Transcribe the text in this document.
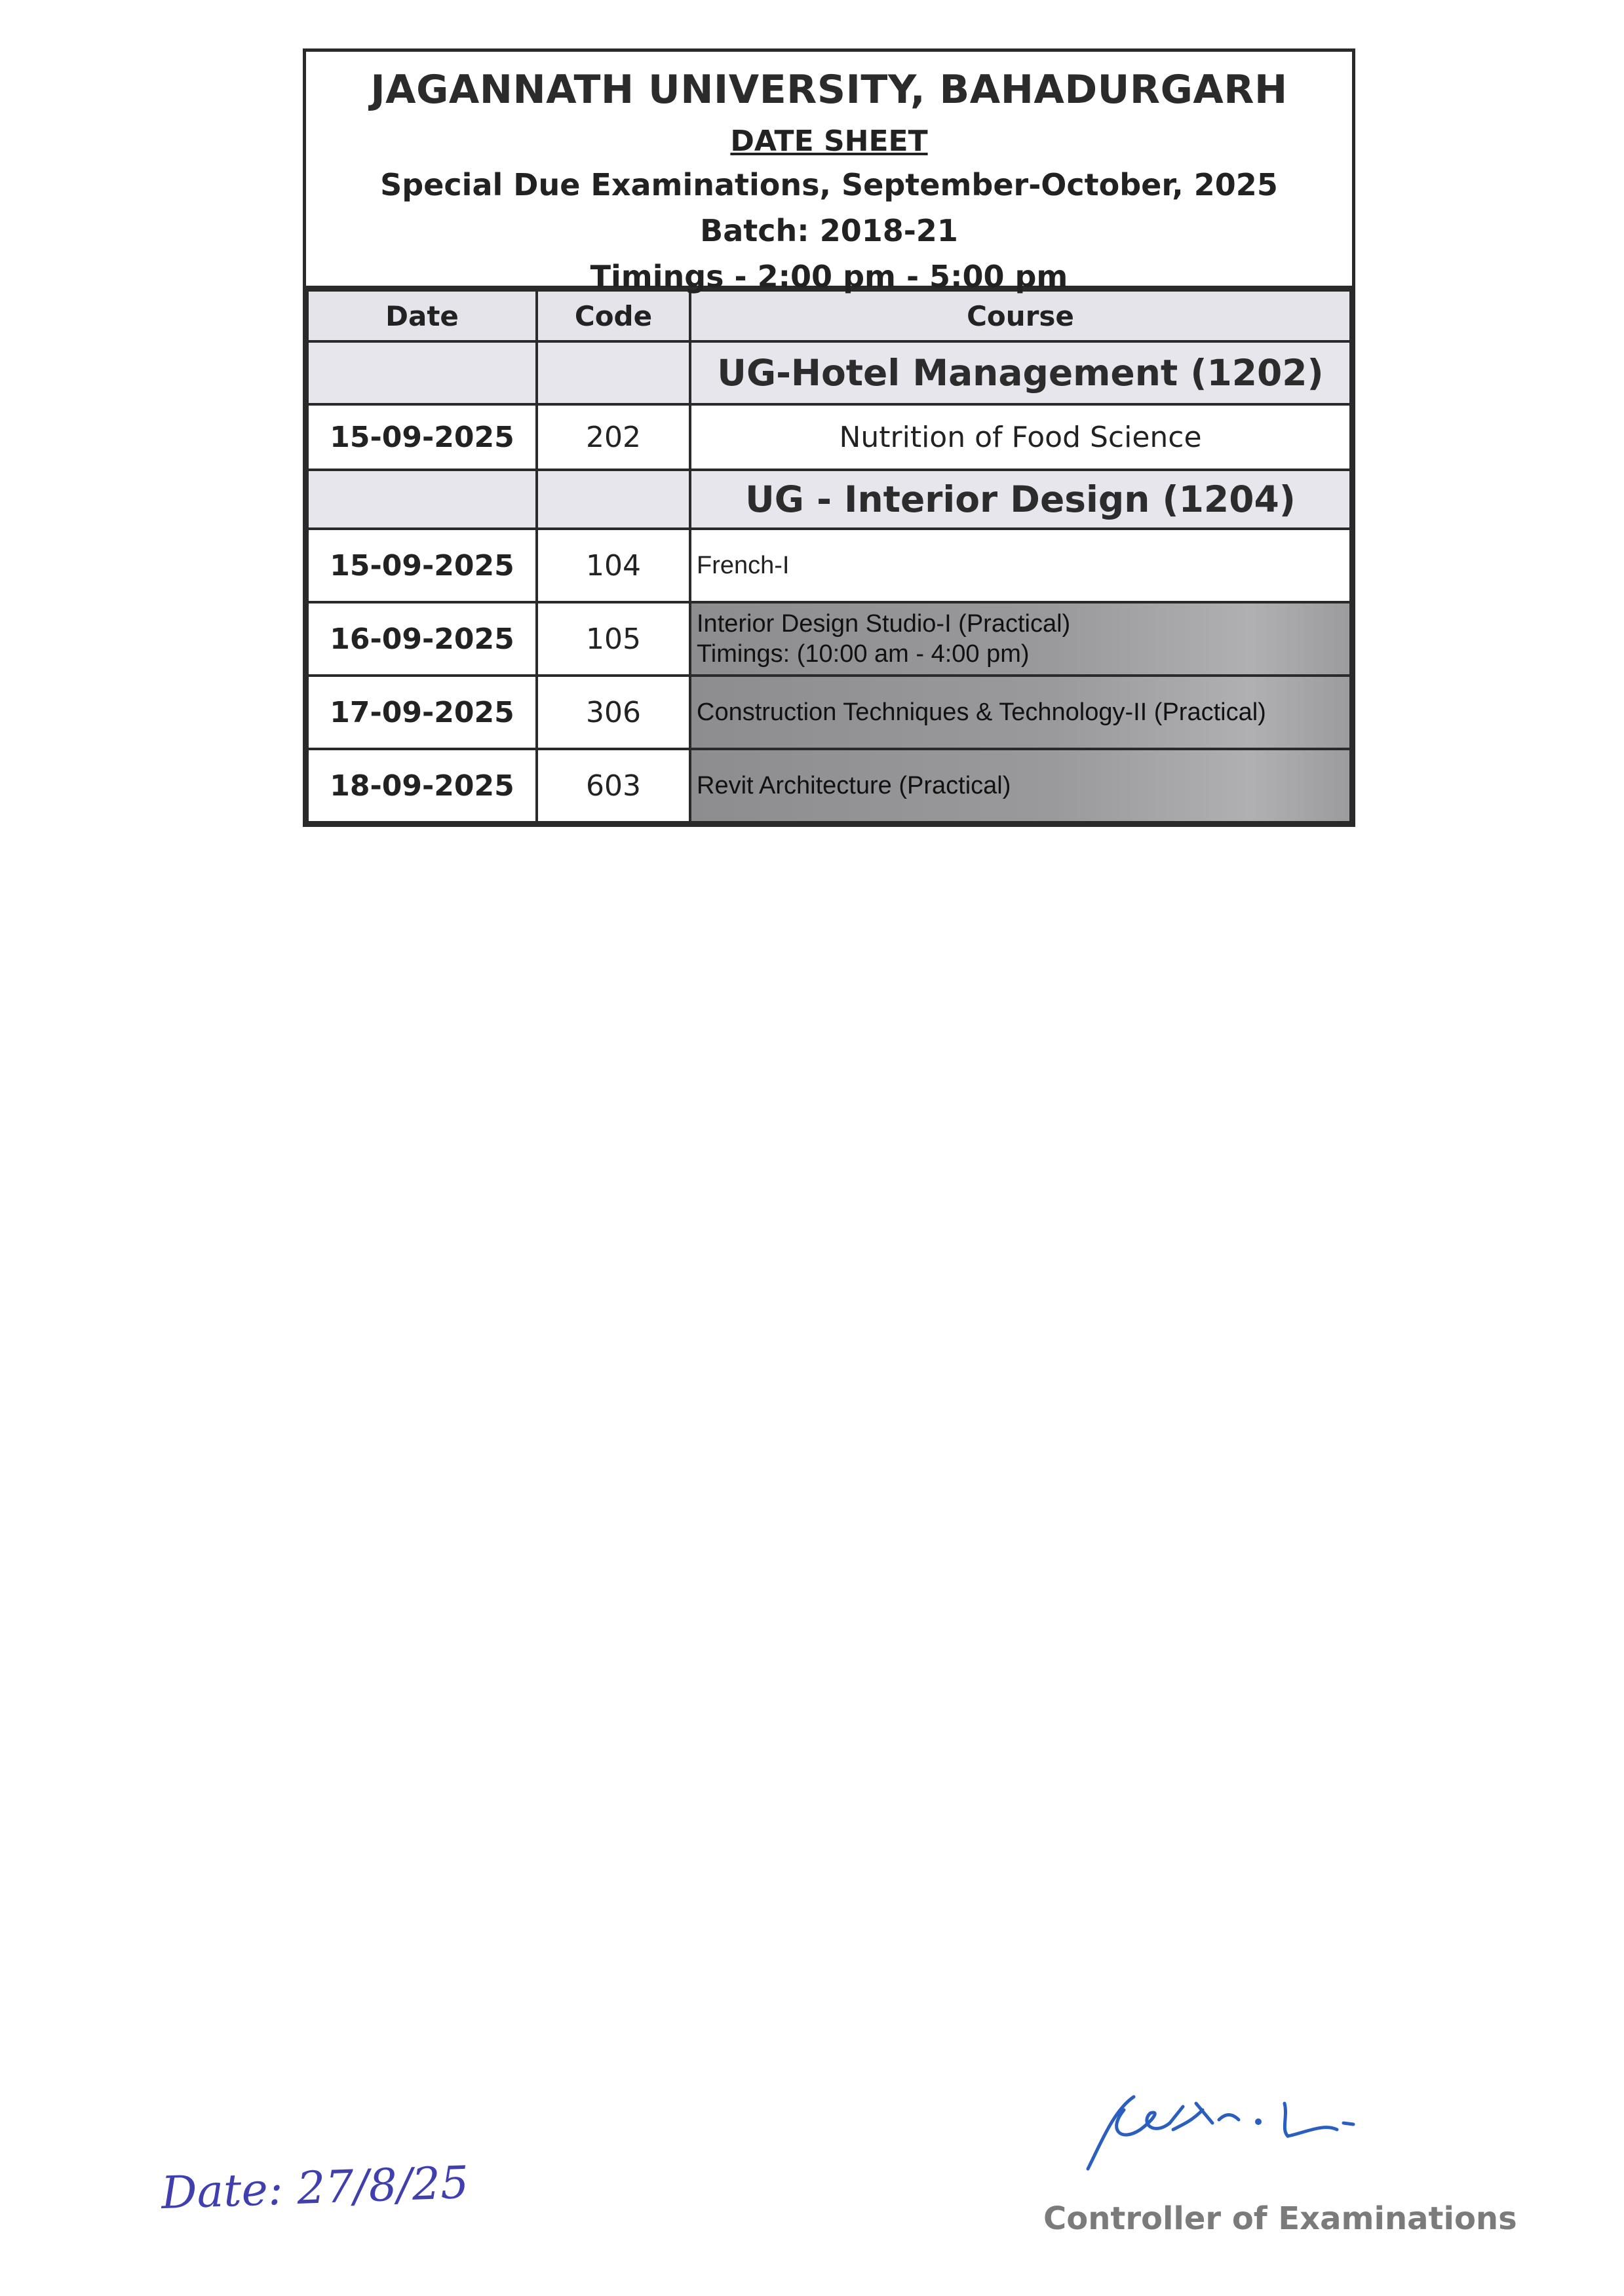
JAGANNATH UNIVERSITY, BAHADURGARH
DATE SHEET
Special Due Examinations, September-October, 2025
Batch: 2018-21
Timings - 2:00 pm - 5:00 pm
Date	Code	Course
		UG-Hotel Management (1202)
15-09-2025	202	Nutrition of Food Science
		UG - Interior Design (1204)
15-09-2025	104	French-I
16-09-2025	105	Interior Design Studio-I (Practical)
Timings: (10:00 am - 4:00 pm)

17-09-2025	306	Construction Techniques & Technology-II (Practical)
18-09-2025	603	Revit Architecture (Practical)
Date: 27/8/25	Controller of Examinations
